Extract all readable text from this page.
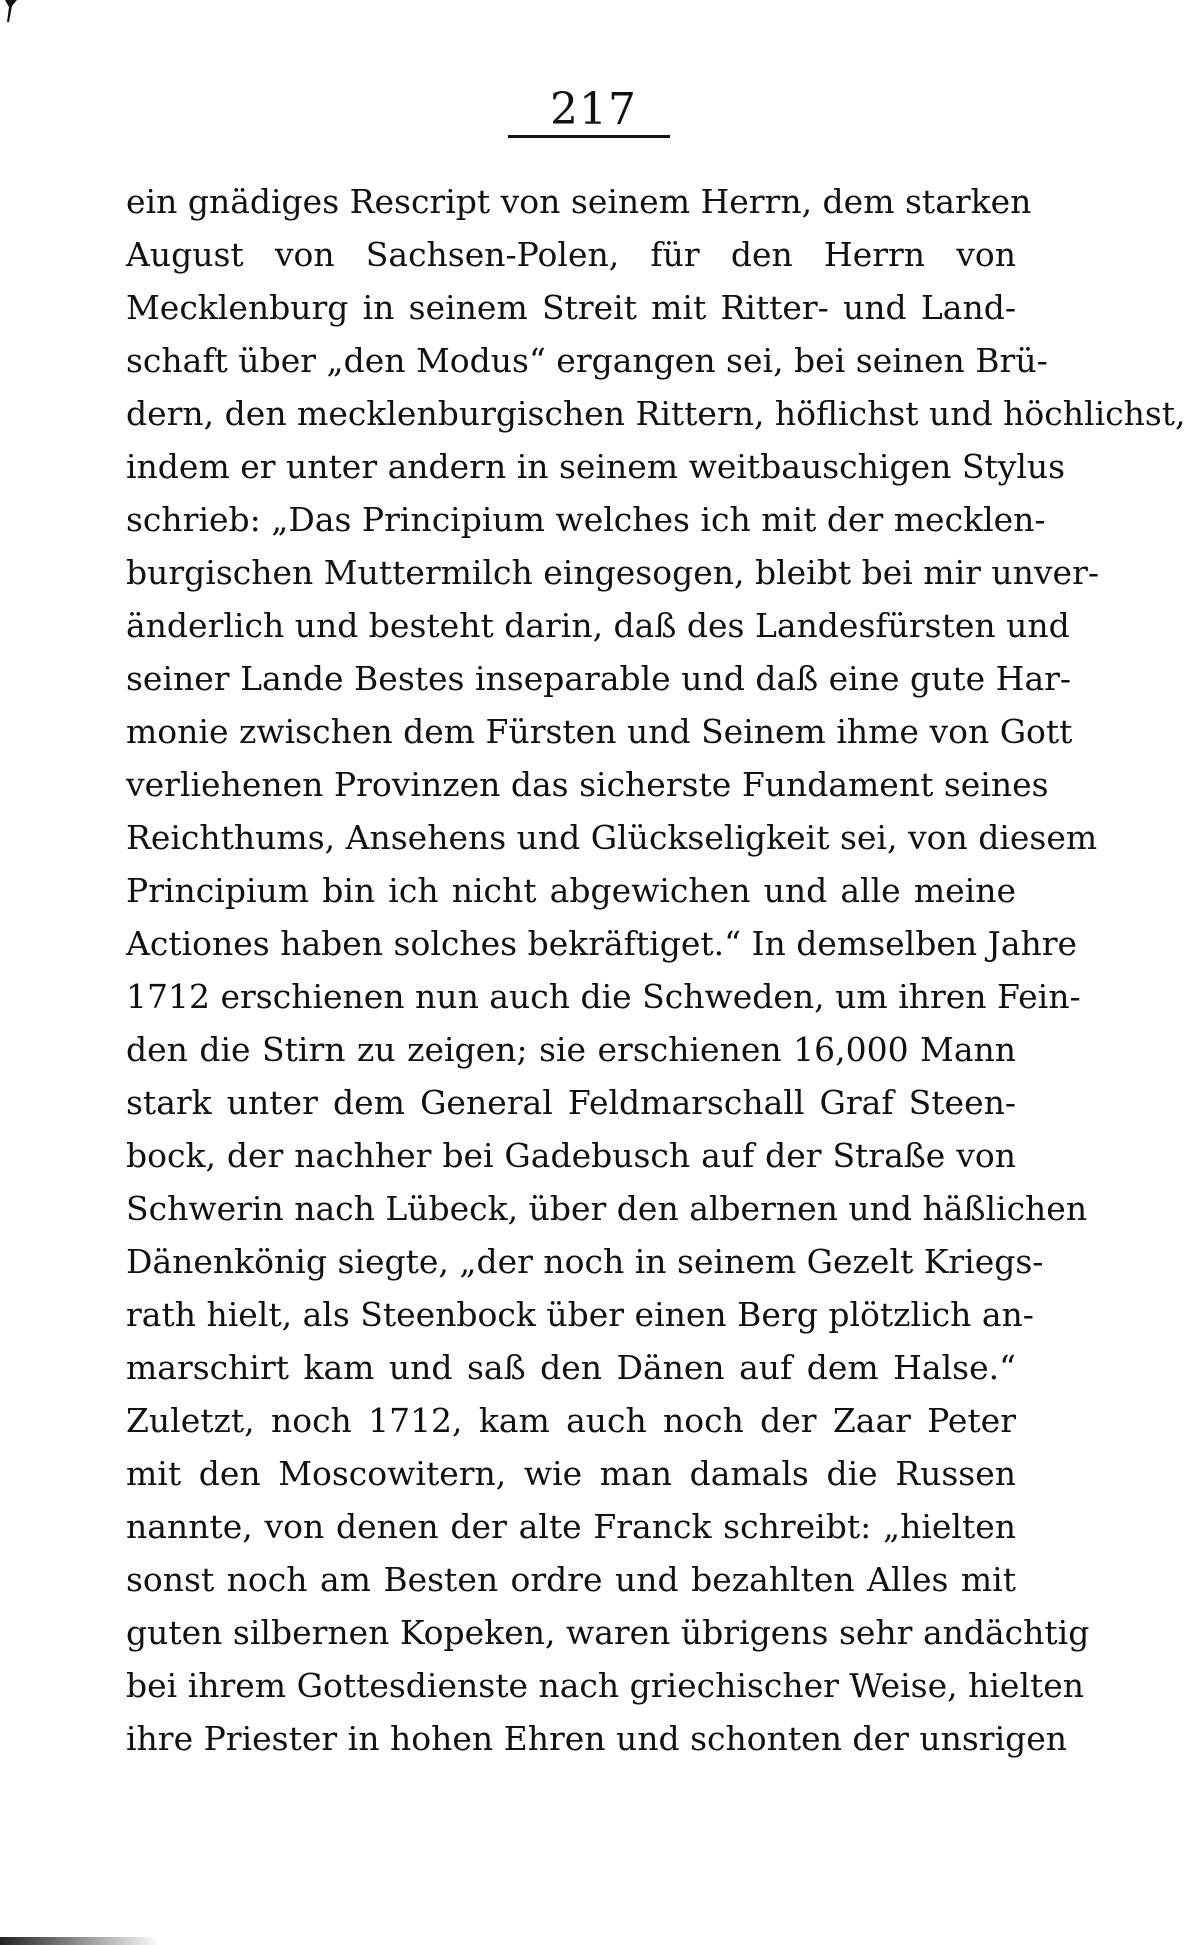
217
ein gnädiges Rescript von seinem Herrn, dem starken
August von Sachsen-Polen, für den Herrn von
Mecklenburg in seinem Streit mit Ritter- und Land-
schaft über „den Modus“ ergangen sei, bei seinen Brü-
dern, den mecklenburgischen Rittern, höflichst und höchlichst,
indem er unter andern in seinem weitbauschigen Stylus
schrieb: „Das Principium welches ich mit der mecklen-
burgischen Muttermilch eingesogen, bleibt bei mir unver-
änderlich und besteht darin, daß des Landesfürsten und
seiner Lande Bestes inseparable und daß eine gute Har-
monie zwischen dem Fürsten und Seinem ihme von Gott
verliehenen Provinzen das sicherste Fundament seines
Reichthums, Ansehens und Glückseligkeit sei, von diesem
Principium bin ich nicht abgewichen und alle meine
Actiones haben solches bekräftiget.“ In demselben Jahre
1712 erschienen nun auch die Schweden, um ihren Fein-
den die Stirn zu zeigen; sie erschienen 16,000 Mann
stark unter dem General Feldmarschall Graf Steen-
bock, der nachher bei Gadebusch auf der Straße von
Schwerin nach Lübeck, über den albernen und häßlichen
Dänenkönig siegte, „der noch in seinem Gezelt Kriegs-
rath hielt, als Steenbock über einen Berg plötzlich an-
marschirt kam und saß den Dänen auf dem Halse.“
Zuletzt, noch 1712, kam auch noch der Zaar Peter
mit den Moscowitern, wie man damals die Russen
nannte, von denen der alte Franck schreibt: „hielten
sonst noch am Besten ordre und bezahlten Alles mit
guten silbernen Kopeken, waren übrigens sehr andächtig
bei ihrem Gottesdienste nach griechischer Weise, hielten
ihre Priester in hohen Ehren und schonten der unsrigen
